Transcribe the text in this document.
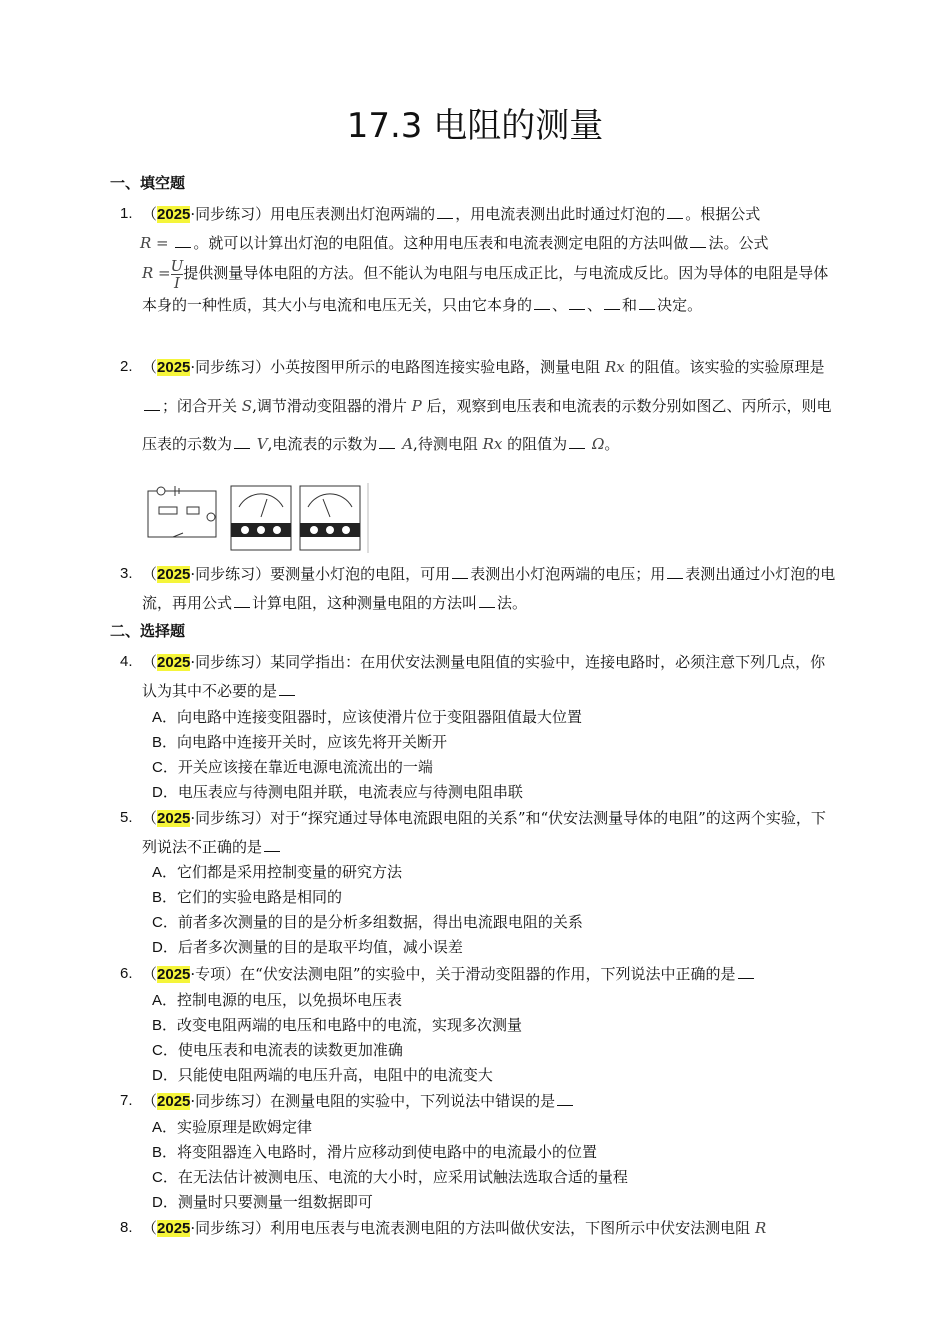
17.3 电阻的测量
一、填空题
1. （2025·同步练习）用电压表测出灯泡两端的 ，用电流表测出此时通过灯泡的 。根据公式
R = 。就可以计算出灯泡的电阻值。这种用电压表和电流表测定电阻的方法叫做 法。公式
$R = \frac{U}{I}$ 提供测量导体电阻的方法。但不能认为电阻与电压成正比，与电流成反比。因为导体的电阻是导体本身的一种性质，其大小与电流和电压无关，只由它本身的 、 、 和 决定。
2. （2025·同步练习）小英按图甲所示的电路图连接实验电路，测量电阻 Rx 的阻值。该实验的实验原理是；闭合开关 S,调节滑动变阻器的滑片 P 后，观察到电压表和电流表的示数分别如图乙、丙所示，则电压表的示数为 V,电流表的示数为 A,待测电阻 Rx 的阻值为 Ω。
3. （2025·同步练习）要测量小灯泡的电阻，可用 表测出小灯泡两端的电压；用 表测出通过小灯泡的电流，再用公式 计算电阻，这种测量电阻的方法叫 法。
二、选择题
4. （2025·同步练习）某同学指出：在用伏安法测量电阻值的实验中，连接电路时，必须注意下列几点，你认为其中不必要的是
A．向电路中连接变阻器时，应该使滑片位于变阻器阻值最大位置
B．向电路中连接开关时，应该先将开关断开
C．开关应该接在靠近电源电流流出的一端
D．电压表应与待测电阻并联，电流表应与待测电阻串联
5. （2025·同步练习）对于“探究通过导体电流跟电阻的关系”和“伏安法测量导体的电阻”的这两个实验，下列说法不正确的是
A．它们都是采用控制变量的研究方法
B．它们的实验电路是相同的
C．前者多次测量的目的是分析多组数据，得出电流跟电阻的关系
D．后者多次测量的目的是取平均值，减小误差
6. （2025·专项）在“伏安法测电阻”的实验中，关于滑动变阻器的作用，下列说法中正确的是
A．控制电源的电压，以免损坏电压表
B．改变电阻两端的电压和电路中的电流，实现多次测量
C．使电压表和电流表的读数更加准确
D．只能使电阻两端的电压升高，电阻中的电流变大
7. （2025·同步练习）在测量电阻的实验中，下列说法中错误的是
A．实验原理是欧姆定律
B．将变阻器连入电路时，滑片应移动到使电路中的电流最小的位置
C．在无法估计被测电压、电流的大小时，应采用试触法选取合适的量程
D．测量时只要测量一组数据即可
8. （2025·同步练习）利用电压表与电流表测电阻的方法叫做伏安法，下图所示中伏安法测电阻 R
